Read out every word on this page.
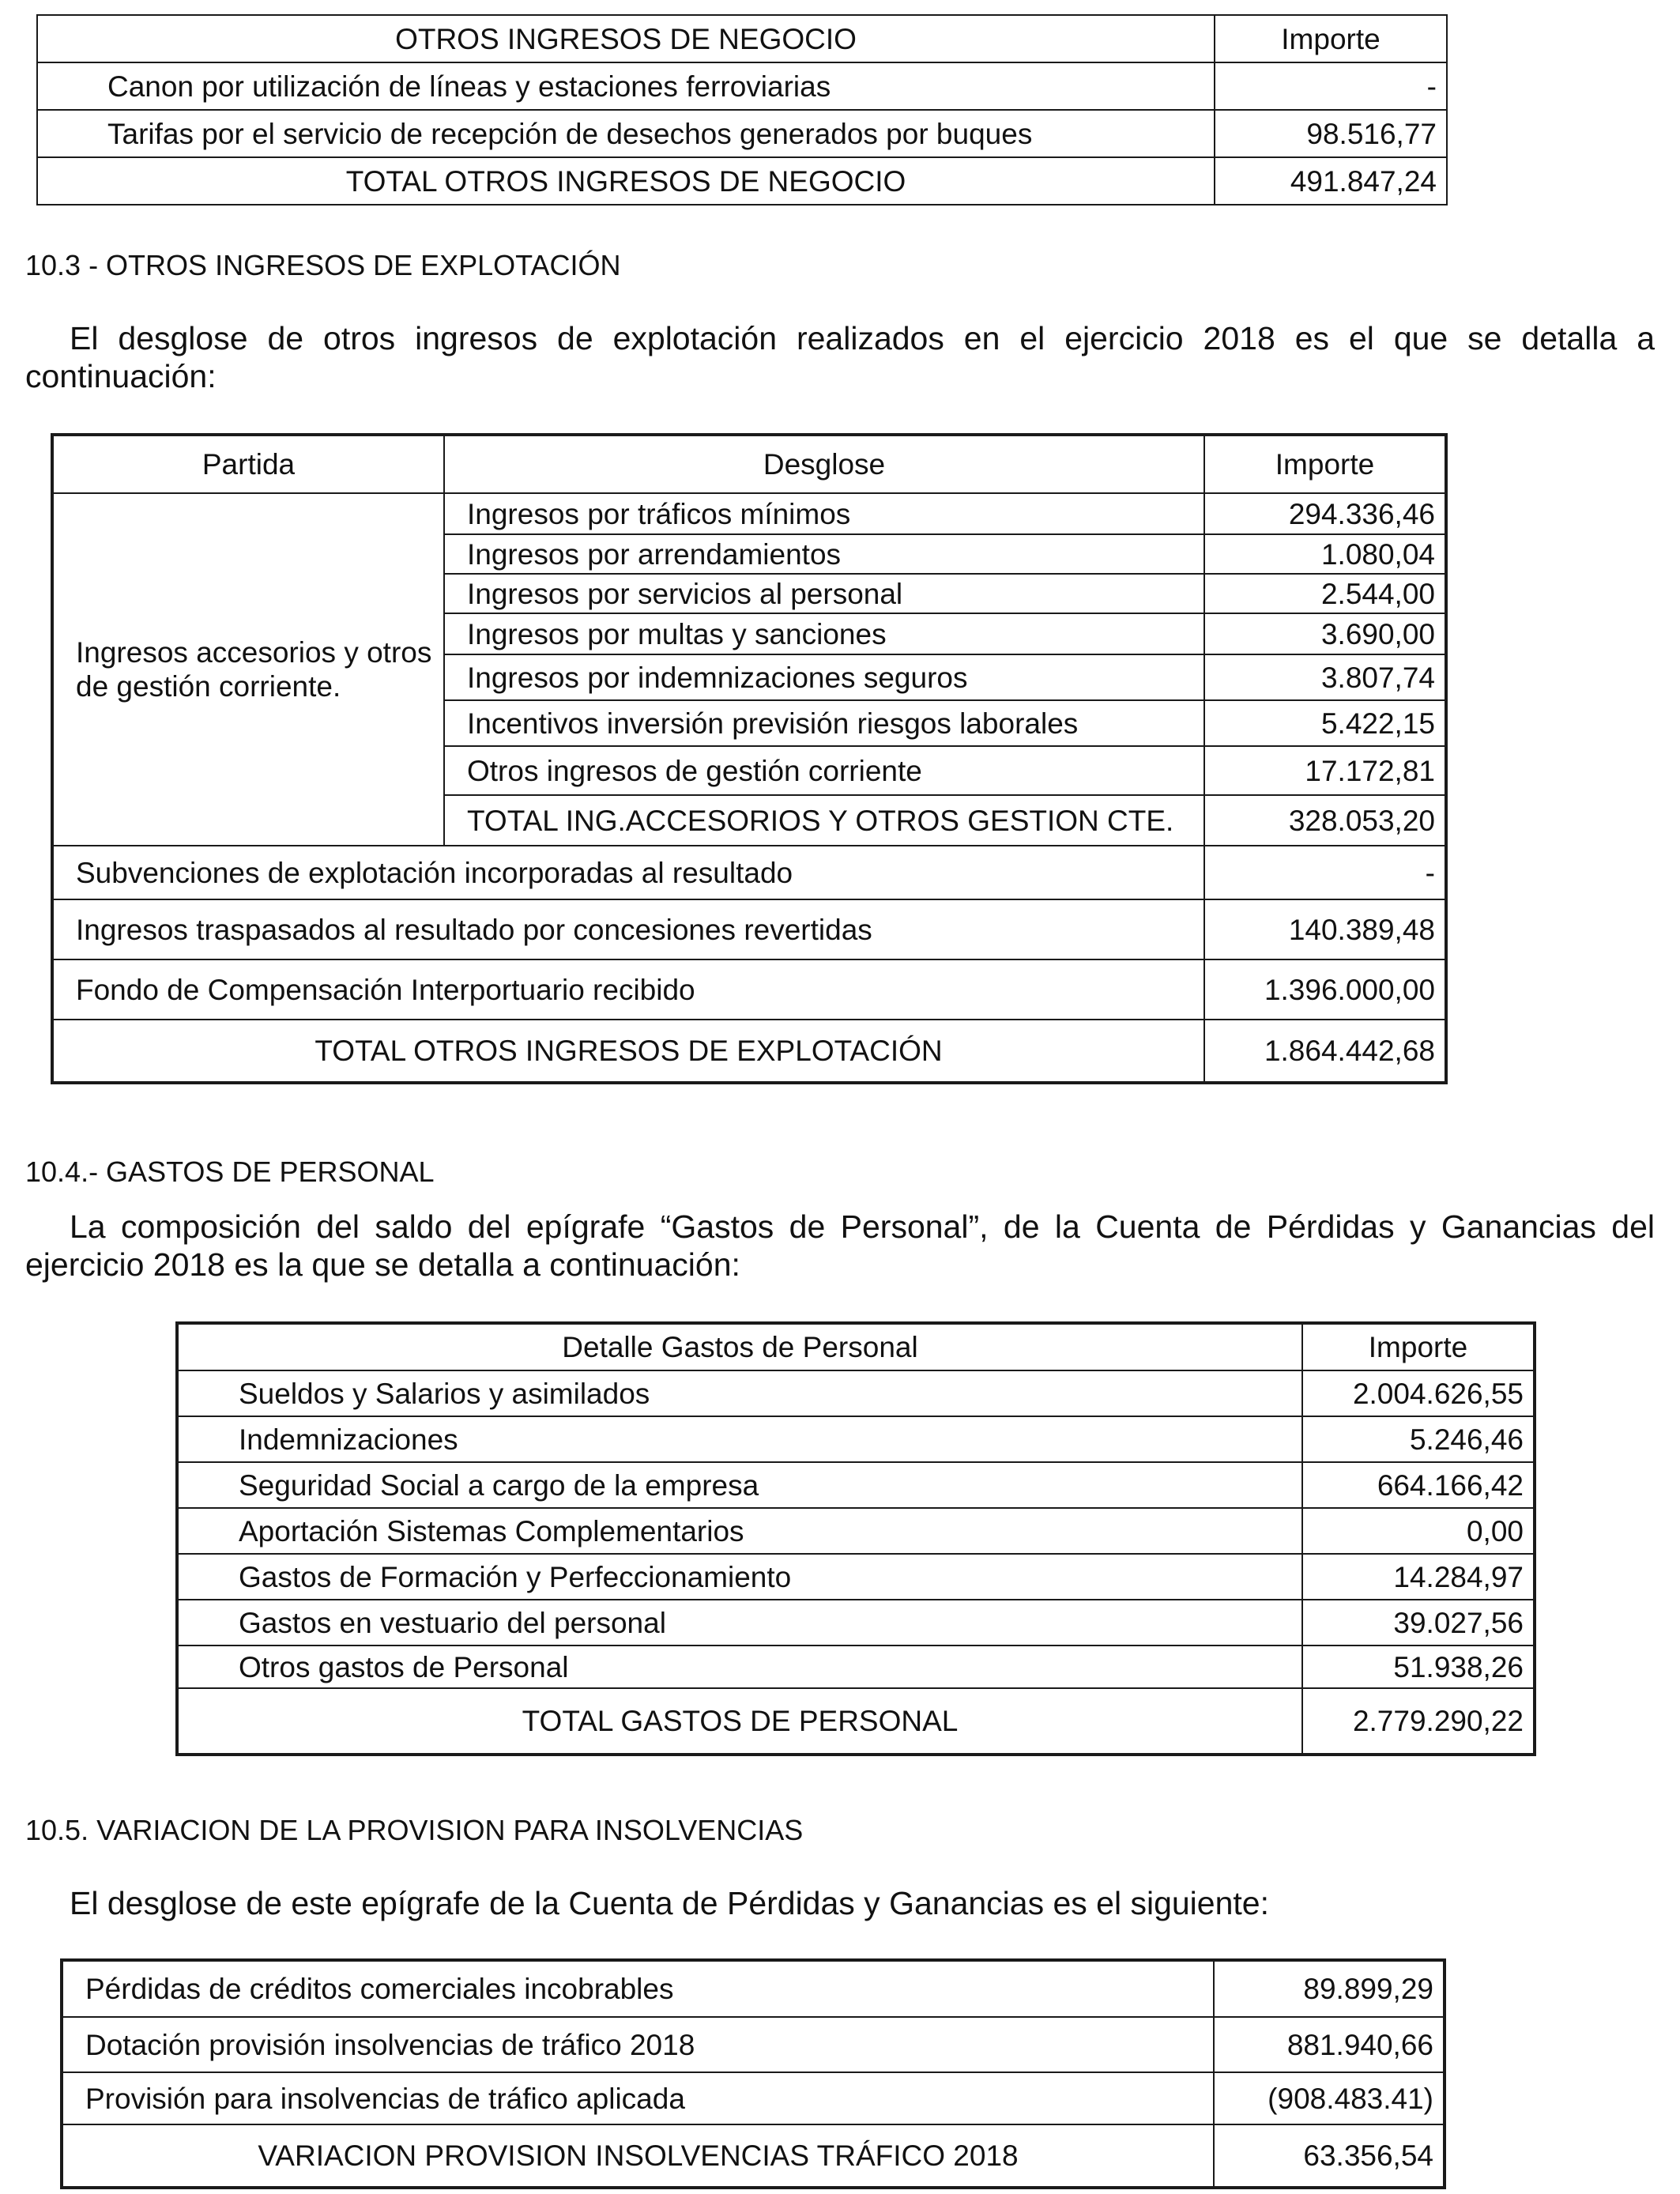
OTROS INGRESOS DE NEGOCIO	Importe
Canon por utilización de líneas y estaciones ferroviarias	-
Tarifas por el servicio de recepción de desechos generados por buques	98.516,77
TOTAL OTROS INGRESOS DE NEGOCIO	491.847,24
10.3 - OTROS INGRESOS DE EXPLOTACIÓN

El desglose de otros ingresos de explotación realizados en el ejercicio 2018 es el que se detalla a continuación:

Partida	Desglose	Importe
Ingresos accesorios y otros
de gestión corriente.	Ingresos por tráficos mínimos	294.336,46
	Ingresos por arrendamientos	1.080,04
	Ingresos por servicios al personal	2.544,00
	Ingresos por multas y sanciones	3.690,00
	Ingresos por indemnizaciones seguros	3.807,74
	Incentivos inversión previsión riesgos laborales	5.422,15
	Otros ingresos de gestión corriente	17.172,81
	TOTAL ING.ACCESORIOS Y OTROS GESTION CTE.	328.053,20
Subvenciones de explotación incorporadas al resultado		-
Ingresos traspasados al resultado por concesiones revertidas		140.389,48
Fondo de Compensación Interportuario recibido		1.396.000,00
TOTAL OTROS INGRESOS DE EXPLOTACIÓN		1.864.442,68
10.4.- GASTOS DE PERSONAL

La composición del saldo del epígrafe “Gastos de Personal”, de la Cuenta de Pérdidas y Ganancias del ejercicio 2018 es la que se detalla a continuación:

Detalle Gastos de Personal	Importe
Sueldos y Salarios y asimilados	2.004.626,55
Indemnizaciones	5.246,46
Seguridad Social a cargo de la empresa	664.166,42
Aportación Sistemas Complementarios	0,00
Gastos de Formación y Perfeccionamiento	14.284,97
Gastos en vestuario del personal	39.027,56
Otros gastos de Personal	51.938,26
TOTAL GASTOS DE PERSONAL	2.779.290,22
10.5. VARIACION DE LA PROVISION PARA INSOLVENCIAS

El desglose de este epígrafe de la Cuenta de Pérdidas y Ganancias es el siguiente:

Pérdidas de créditos comerciales incobrables	89.899,29
Dotación provisión insolvencias de tráfico 2018	881.940,66
Provisión para insolvencias de tráfico aplicada	(908.483.41)
VARIACION PROVISION INSOLVENCIAS TRÁFICO 2018	63.356,54
